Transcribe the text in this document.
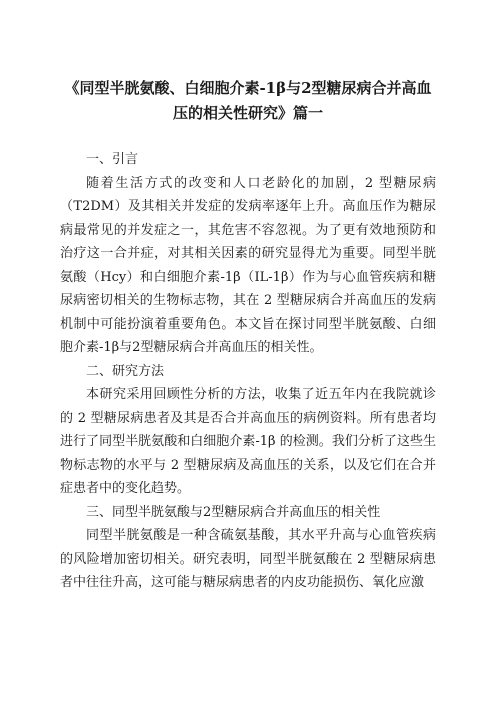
《同型半胱氨酸、白细胞介素-1β与2型糖尿病合并高血
压的相关性研究》篇一
一、引言

随着生活方式的改变和人口老龄化的加剧，2 型糖尿病（T2DM）及其相关并发症的发病率逐年上升。高血压作为糖尿病最常见的并发症之一，其危害不容忽视。为了更有效地预防和治疗这一合并症，对其相关因素的研究显得尤为重要。同型半胱氨酸（Hcy）和白细胞介素-1β（IL-1β）作为与心血管疾病和糖尿病密切相关的生物标志物，其在 2 型糖尿病合并高血压的发病机制中可能扮演着重要角色。本文旨在探讨同型半胱氨酸、白细胞介素-1β与2型糖尿病合并高血压的相关性。

二、研究方法

本研究采用回顾性分析的方法，收集了近五年内在我院就诊的 2 型糖尿病患者及其是否合并高血压的病例资料。所有患者均进行了同型半胱氨酸和白细胞介素-1β 的检测。我们分析了这些生物标志物的水平与 2 型糖尿病及高血压的关系，以及它们在合并症患者中的变化趋势。

三、同型半胱氨酸与2型糖尿病合并高血压的相关性

同型半胱氨酸是一种含硫氨基酸，其水平升高与心血管疾病的风险增加密切相关。研究表明，同型半胱氨酸在 2 型糖尿病患者中往往升高，这可能与糖尿病患者的内皮功能损伤、氧化应激
